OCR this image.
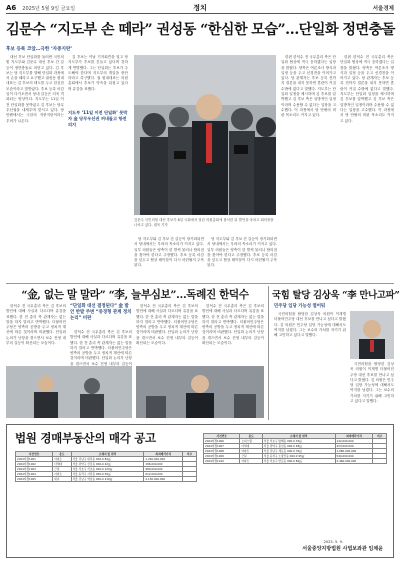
A6 2025년 5월 9일 금요일	정치	서울경제
김문수 “지도부 손 떼라” 권성동 “한심한 모습”…단일화 정면충돌
후보 등록 코앞…극한 ‘자중지란’

대선 후보 단일화를 둘러싼 국민의힘 지도부와 김문수 대선 후보 간 갈등이 정면충돌로 치닫고 있다. 김 후보는 당 지도부를 향해 단일화 과정에서 손을 떼라고 요구했고 권성동 원내대표는 김 후보의 태도를 두고 한심한 모습이라고 맞받았다. 후보 등록 마감일이 다가오면서 당내 갈등은 더욱 격화되는 양상이다. 지도부는 11일 이전 단일화를 못박았고 김 후보는 당무우선권을 내세우며 맞서고 있다. 당 안팎에서는 극한의 자중지란이라는 우려가 나온다.

김 후보는 이날 기자회견을 열고 당 지도부가 후보를 흔들고 있다며 강하게 반발했다. 그는 단일화는 후보가 주도해야 한다며 지도부의 개입을 중단하라고 촉구했다. 권 원내대표는 의원총회에서 후보가 약속을 뒤집고 있다며 유감을 표했다.

김문수 국민의힘 대선 후보가 8일 국회에서 열린 의원총회에 참석한 뒤 발언을 마치고 회의장을 나서고 있다. 권욱 기자
지도부 ‘11일 이전 단일화’ 못박자 金 당무우선권 꺼내들고 항전 의지

한편 한덕수 전 국무총리 측은 단일화 협상에 적극 응하겠다는 입장을 밝혔다. 양측은 여론조사 방식과 일정 등을 두고 신경전을 이어가고 있다. 당 관계자는 후보 등록 전까지 결론을 내지 못하면 혼란이 커질 수밖에 없다고 말했다. 지도부는 단일화 일정을 제시하며 김 후보를 압박했고 김 후보 측은 일방적인 일정이라며 수용할 수 없다는 입장을 고수했다. 이 과정에서 당 안팎의 비판 목소리도 커지고 있다.

한편 한덕수 전 국무총리 측은 단일화 협상에 적극 응하겠다는 입장을 밝혔다. 양측은 여론조사 방식과 일정 등을 두고 신경전을 이어가고 있다. 당 관계자는 후보 등록 전까지 결론을 내지 못하면 혼란이 커질 수밖에 없다고 말했다. 지도부는 단일화 일정을 제시하며 김 후보를 압박했고 김 후보 측은 일방적인 일정이라며 수용할 수 없다는 입장을 고수했다. 이 과정에서 당 안팎의 비판 목소리도 커지고 있다.

당 지도부와 김 후보 간 갈등이 장기화되면서 당내에서는 우려의 목소리가 커지고 있다. 일부 의원들은 양측이 한 발씩 물러나 합의점을 찾아야 한다고 주장했다. 후보 등록 마감을 앞두고 협상 테이블이 다시 마련될지 주목된다.

당 지도부와 김 후보 간 갈등이 장기화되면서 당내에서는 우려의 목소리가 커지고 있다. 일부 의원들은 양측이 한 발씩 물러나 합의점을 찾아야 한다고 주장했다. 후보 등록 마감을 앞두고 협상 테이블이 다시 마련될지 주목된다.

“金, 없는 말 말라” “李, 늘부심보”…독례진 한덕수

한덕수 전 국무총리 측은 김 후보의 발언에 대해 사실과 다르다며 유감을 표했다. 한 전 총리 측 관계자는 없는 말을 하지 말라고 반박했다. 더불어민주당은 양측의 공방을 두고 정치적 계산에 따른 것이라며 비판했다. 단일화 논의가 난항을 겪으면서 보수 진영 내부의 갈등이 확산되는 모습이다.

“단일화 대선 결정된다” 金 발언 반발 주변 “중경형 관계 정치논리” 비판

한덕수 전 국무총리 측은 김 후보의 발언에 대해 사실과 다르다며 유감을 표했다. 한 전 총리 측 관계자는 없는 말을 하지 말라고 반박했다. 더불어민주당은 양측의 공방을 두고 정치적 계산에 따른 것이라며 비판했다. 단일화 논의가 난항을 겪으면서 보수 진영 내부의 갈등이

한덕수 전 국무총리 측은 김 후보의 발언에 대해 사실과 다르다며 유감을 표했다. 한 전 총리 측 관계자는 없는 말을 하지 말라고 반박했다. 더불어민주당은 양측의 공방을 두고 정치적 계산에 따른 것이라며 비판했다. 단일화 논의가 난항을 겪으면서 보수 진영 내부의 갈등이 확산되는 모습이다.

한덕수 전 국무총리 측은 김 후보의 발언에 대해 사실과 다르다며 유감을 표했다. 한 전 총리 측 관계자는 없는 말을 하지 말라고 반박했다. 더불어민주당은 양측의 공방을 두고 정치적 계산에 따른 것이라며 비판했다. 단일화 논의가 난항을 겪으면서 보수 진영 내부의 갈등이 확산되는 모습이다.

국힘 탈당 김상욱 “李 만나고파”
민주당 입당 가능성 열어둬

국민의힘을 탈당한 김상욱 의원이 이재명 더불어민주당 대선 후보를 만나고 싶다고 밝혔다. 김 의원은 민주당 입당 가능성에 대해서도 여지를 남겼다. 그는 보수의 가치를 지키기 위해 고민하고 있다고 말했다.

국민의힘을 탈당한 김상욱 의원이 이재명 더불어민주당 대선 후보를 만나고 싶다고 밝혔다. 김 의원은 민주당 입당 가능성에 대해서도 여지를 남겼다. 그는 보수의 가치를 지키기 위해 고민하고 있다고 말했다.

법원 경매부동산의 매각 공고
사건번호	용도	소재지 및 면적	최저매각가격	비고
2024타경1001	아파트	서울 강남구 대치동 000-0 84㎡	1,240,000,000	
2024타경1002	다세대	서울 관악구 신림동 000-0 42㎡	186,000,000	
2024타경1003	근린	서울 서초구 서초동 000-0 120㎡	980,000,000	
2024타경1004	아파트	서울 동작구 사당동 000-0 59㎡	612,000,000	
2024타경1005	대지	서울 강남구 역삼동 000-0 210㎡	2,150,000,000	
사건번호	용도	소재지 및 면적	최저매각가격	비고
2024타경1006	오피스텔	서울 서초구 방배동 000-0 33㎡	142,000,000	
2024타경1007	다세대	서울 관악구 봉천동 000-0 48㎡	203,000,000	
2024타경1008	아파트	서울 강남구 개포동 000-0 76㎡	1,080,000,000	
2024타경1009	근린	서울 동작구 노량진동 000-0 95㎡	540,000,000	
2024타경1010	아파트	서울 서초구 반포동 000-0 84㎡	2,460,000,000	
2025. 5. 9.
서울중앙지방법원 사법보좌관 임채윤
